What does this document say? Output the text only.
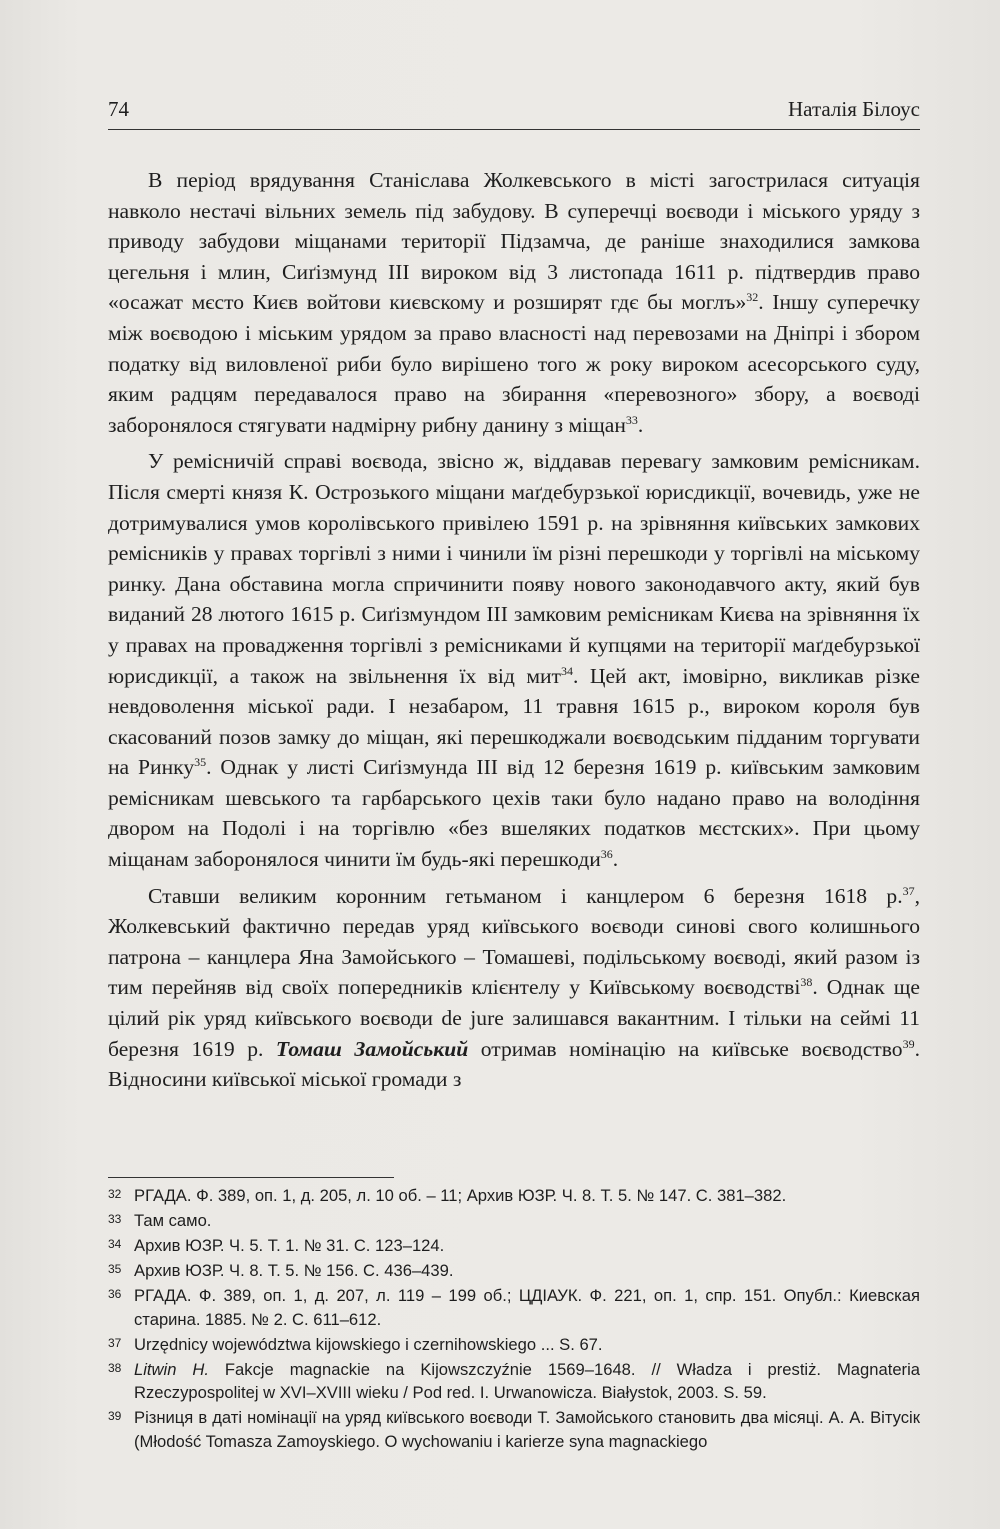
74	Наталія Білоус

В період врядування Станіслава Жолкевського в місті загострилася ситуація навколо нестачі вільних земель під забудову. В суперечці воєводи і міського уряду з приводу забудови міщанами території Підзамча, де раніше знаходилися замкова цегельня і млин, Сиґізмунд ІІІ вироком від 3 листопада 1611 р. підтвердив право «осажат мєсто Києв войтови києвскому и розширят гдє бы моглъ»$^{32}$. Іншу суперечку між воєводою і міським урядом за право власності над перевозами на Дніпрі і збором податку від виловленої риби було вирішено того ж року вироком асесорського суду, яким радцям передавалося право на збирання «перевозного» збору, а воєводі заборонялося стягувати надмірну рибну данину з міщан$^{33}$.

У ремісничій справі воєвода, звісно ж, віддавав перевагу замковим ремісникам. Після смерті князя К. Острозького міщани маґдебурзької юрисдикції, вочевидь, уже не дотримувалися умов королівського привілею 1591 р. на зрівняння київських замкових ремісників у правах торгівлі з ними і чинили їм різні перешкоди у торгівлі на міському ринку. Дана обставина могла спричинити появу нового законодавчого акту, який був виданий 28 лютого 1615 р. Сиґізмундом ІІІ замковим ремісникам Києва на зрівняння їх у правах на провадження торгівлі з ремісниками й купцями на території маґдебурзької юрисдикції, а також на звільнення їх від мит$^{34}$. Цей акт, імовірно, викликав різке невдоволення міської ради. І незабаром, 11 травня 1615 р., вироком короля був скасований позов замку до міщан, які перешкоджали воєводським підданим торгувати на Ринку$^{35}$. Однак у листі Сиґізмунда ІІІ від 12 березня 1619 р. київським замковим ремісникам шевського та гарбарського цехів таки було надано право на володіння двором на Подолі і на торгівлю «без вшеляких податков мєстских». При цьому міщанам заборонялося чинити їм будь-які перешкоди$^{36}$.

Ставши великим коронним гетьманом і канцлером 6 березня 1618 р.$^{37}$, Жолкевський фактично передав уряд київського воєводи синові свого колишнього патрона – канцлера Яна Замойського – Томашеві, подільському воєводі, який разом із тим перейняв від своїх попередників клієнтелу у Київському воєводстві$^{38}$. Однак ще цілий рік уряд київського воєводи de jure залишався вакантним. І тільки на сеймі 11 березня 1619 р. Томаш Замойський отримав номінацію на київське воєводство$^{39}$. Відносини київської міської громади з

32 РГАДА. Ф. 389, оп. 1, д. 205, л. 10 об. – 11; Архив ЮЗР. Ч. 8. Т. 5. № 147. С. 381–382.
33 Там само.
34 Архив ЮЗР. Ч. 5. Т. 1. № 31. С. 123–124.
35 Архив ЮЗР. Ч. 8. Т. 5. № 156. С. 436–439.
36 РГАДА. Ф. 389, оп. 1, д. 207, л. 119 – 199 об.; ЦДІАУК. Ф. 221, оп. 1, спр. 151. Опубл.: Киевская старина. 1885. № 2. С. 611–612.
37 Urzędnicy województwa kijowskiego i czernihowskiego ... S. 67.
38 Litwin H. Fakcje magnackie na Kijowszczyźnie 1569–1648. // Władza i prestiż. Magnateria Rzeczypospolitej w XVI–XVIII wieku / Pod red. I. Urwanowicza. Białystok, 2003. S. 59.
39 Різниця в даті номінації на уряд київського воєводи Т. Замойського становить два місяці. А. А. Вітусік (Młodość Tomasza Zamoyskiego. O wychowaniu i karierze syna magnackiego
